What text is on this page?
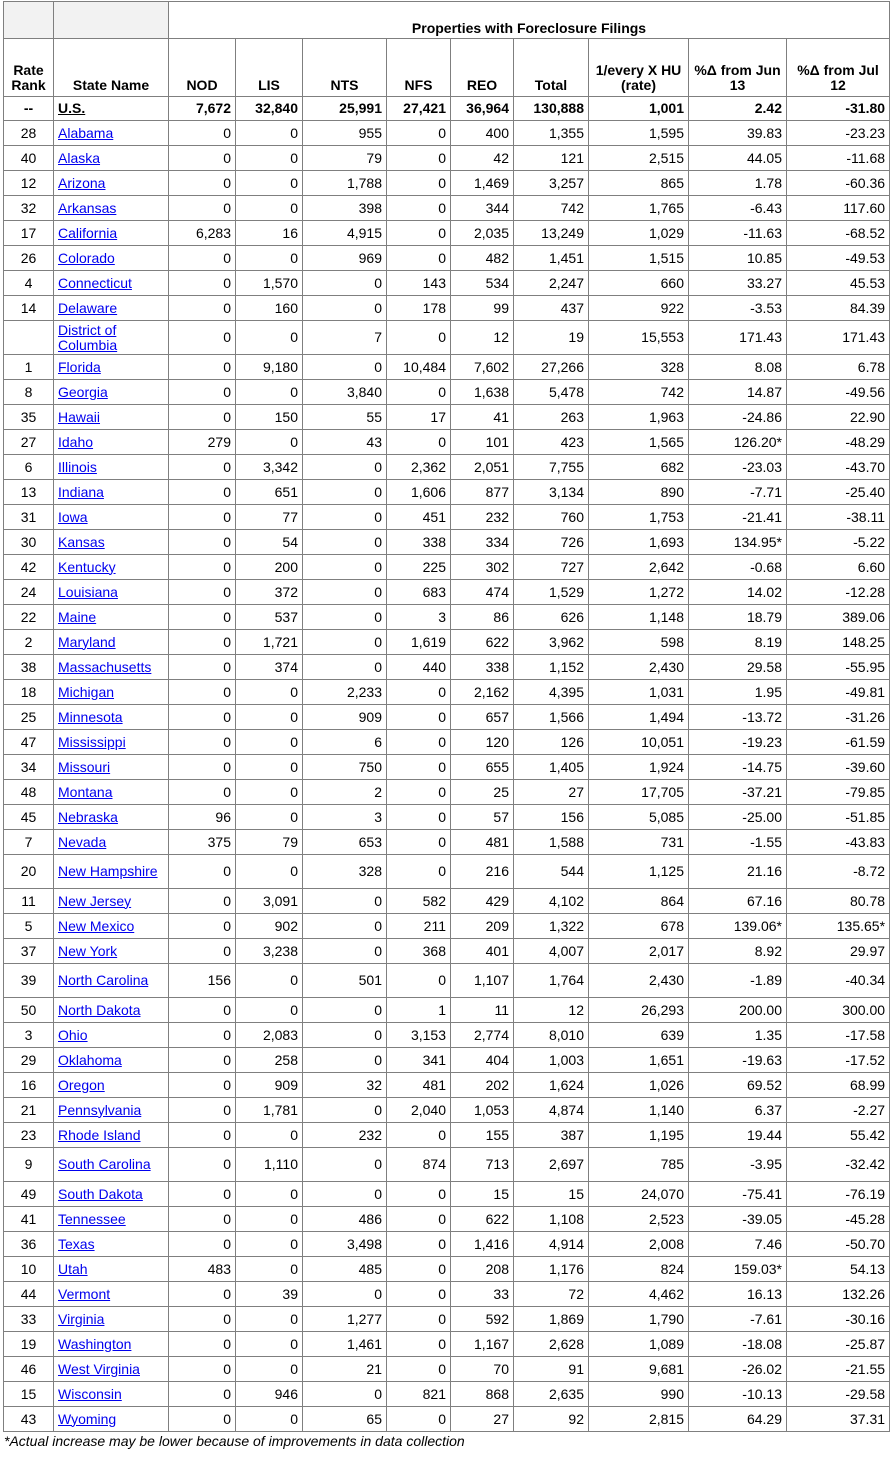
		Properties with Foreclosure Filings								
Rate Rank	State Name	NOD	LIS	NTS	NFS	REO	Total	1/every X HU (rate)	%Δ from Jun 13	%Δ from Jul 12
--	U.S.	7,672	32,840	25,991	27,421	36,964	130,888	1,001	2.42	-31.80
28	Alabama	0	0	955	0	400	1,355	1,595	39.83	-23.23
40	Alaska	0	0	79	0	42	121	2,515	44.05	-11.68
12	Arizona	0	0	1,788	0	1,469	3,257	865	1.78	-60.36
32	Arkansas	0	0	398	0	344	742	1,765	-6.43	117.60
17	California	6,283	16	4,915	0	2,035	13,249	1,029	-11.63	-68.52
26	Colorado	0	0	969	0	482	1,451	1,515	10.85	-49.53
4	Connecticut	0	1,570	0	143	534	2,247	660	33.27	45.53
14	Delaware	0	160	0	178	99	437	922	-3.53	84.39
	District of Columbia	0	0	7	0	12	19	15,553	171.43	171.43
1	Florida	0	9,180	0	10,484	7,602	27,266	328	8.08	6.78
8	Georgia	0	0	3,840	0	1,638	5,478	742	14.87	-49.56
35	Hawaii	0	150	55	17	41	263	1,963	-24.86	22.90
27	Idaho	279	0	43	0	101	423	1,565	126.20*	-48.29
6	Illinois	0	3,342	0	2,362	2,051	7,755	682	-23.03	-43.70
13	Indiana	0	651	0	1,606	877	3,134	890	-7.71	-25.40
31	Iowa	0	77	0	451	232	760	1,753	-21.41	-38.11
30	Kansas	0	54	0	338	334	726	1,693	134.95*	-5.22
42	Kentucky	0	200	0	225	302	727	2,642	-0.68	6.60
24	Louisiana	0	372	0	683	474	1,529	1,272	14.02	-12.28
22	Maine	0	537	0	3	86	626	1,148	18.79	389.06
2	Maryland	0	1,721	0	1,619	622	3,962	598	8.19	148.25
38	Massachusetts	0	374	0	440	338	1,152	2,430	29.58	-55.95
18	Michigan	0	0	2,233	0	2,162	4,395	1,031	1.95	-49.81
25	Minnesota	0	0	909	0	657	1,566	1,494	-13.72	-31.26
47	Mississippi	0	0	6	0	120	126	10,051	-19.23	-61.59
34	Missouri	0	0	750	0	655	1,405	1,924	-14.75	-39.60
48	Montana	0	0	2	0	25	27	17,705	-37.21	-79.85
45	Nebraska	96	0	3	0	57	156	5,085	-25.00	-51.85
7	Nevada	375	79	653	0	481	1,588	731	-1.55	-43.83
20	New Hampshire	0	0	328	0	216	544	1,125	21.16	-8.72
11	New Jersey	0	3,091	0	582	429	4,102	864	67.16	80.78
5	New Mexico	0	902	0	211	209	1,322	678	139.06*	135.65*
37	New York	0	3,238	0	368	401	4,007	2,017	8.92	29.97
39	North Carolina	156	0	501	0	1,107	1,764	2,430	-1.89	-40.34
50	North Dakota	0	0	0	1	11	12	26,293	200.00	300.00
3	Ohio	0	2,083	0	3,153	2,774	8,010	639	1.35	-17.58
29	Oklahoma	0	258	0	341	404	1,003	1,651	-19.63	-17.52
16	Oregon	0	909	32	481	202	1,624	1,026	69.52	68.99
21	Pennsylvania	0	1,781	0	2,040	1,053	4,874	1,140	6.37	-2.27
23	Rhode Island	0	0	232	0	155	387	1,195	19.44	55.42
9	South Carolina	0	1,110	0	874	713	2,697	785	-3.95	-32.42
49	South Dakota	0	0	0	0	15	15	24,070	-75.41	-76.19
41	Tennessee	0	0	486	0	622	1,108	2,523	-39.05	-45.28
36	Texas	0	0	3,498	0	1,416	4,914	2,008	7.46	-50.70
10	Utah	483	0	485	0	208	1,176	824	159.03*	54.13
44	Vermont	0	39	0	0	33	72	4,462	16.13	132.26
33	Virginia	0	0	1,277	0	592	1,869	1,790	-7.61	-30.16
19	Washington	0	0	1,461	0	1,167	2,628	1,089	-18.08	-25.87
46	West Virginia	0	0	21	0	70	91	9,681	-26.02	-21.55
15	Wisconsin	0	946	0	821	868	2,635	990	-10.13	-29.58
43	Wyoming	0	0	65	0	27	92	2,815	64.29	37.31
*Actual increase may be lower because of improvements in data collection
